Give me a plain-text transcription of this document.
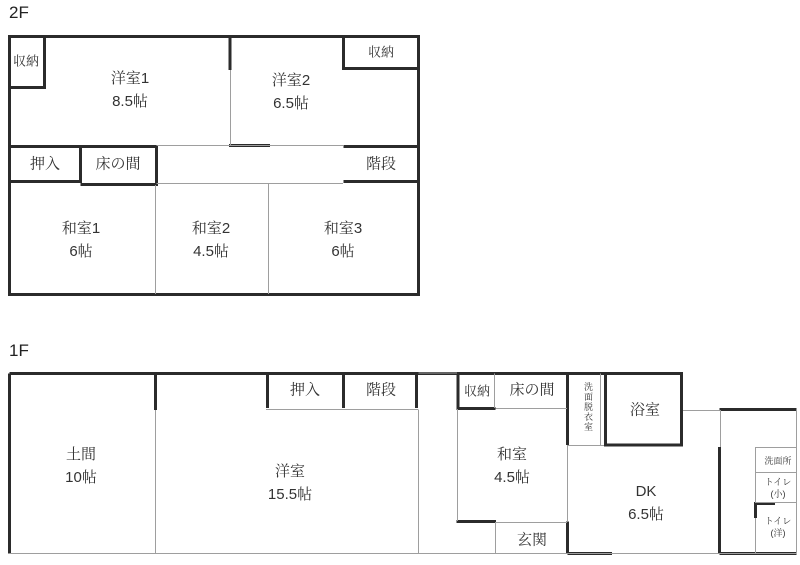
2F
1F
収納
洋室1
8.5帖
洋室2
6.5帖
収納
押入 床の間	階段
和室1
6帖
和室2
4.5帖
和室3
6帖
土間
10帖	洋室
15.5帖
押入	階段	収納 床の間
和室
4.5帖
洗面脱衣室 浴室
DK
6.5帖
玄関
洗面所
トイレ
(小)
トイレ
(洋)
